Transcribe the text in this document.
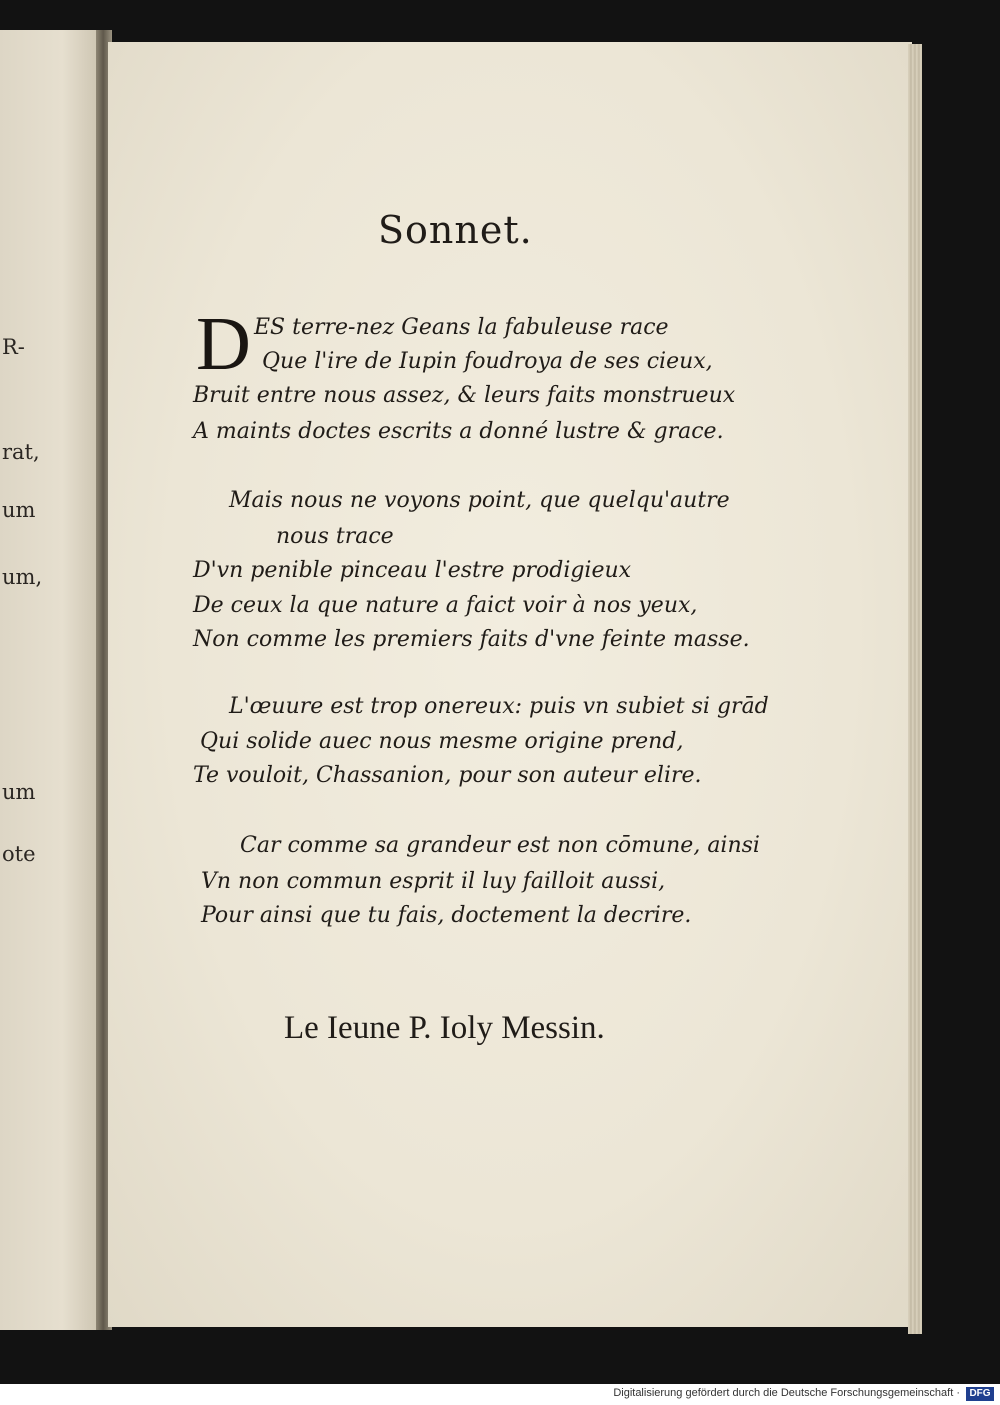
R-
rat,
um
um,
um
ote
Sonnet.
D ES terre-nez Geans la fabuleuse race
Que l'ire de Iupin foudroya de ses cieux,
Bruit entre nous assez, & leurs faits monstrueux
A maints doctes escrits a donné lustre & grace.
Mais nous ne voyons point, que quelqu'autre
nous trace
D'vn penible pinceau l'estre prodigieux
De ceux la que nature a faict voir à nos yeux,
Non comme les premiers faits d'vne feinte masse.
L'œuure est trop onereux: puis vn subiet si grād
Qui solide auec nous mesme origine prend,
Te vouloit, Chassanion, pour son auteur elire.
Car comme sa grandeur est non cōmune, ainsi
Vn non commun esprit il luy failloit aussi,
Pour ainsi que tu fais, doctement la decrire.
Le Ieune P. Ioly Messin.
Digitalisierung gefördert durch die Deutsche Forschungsgemeinschaft · DFG
